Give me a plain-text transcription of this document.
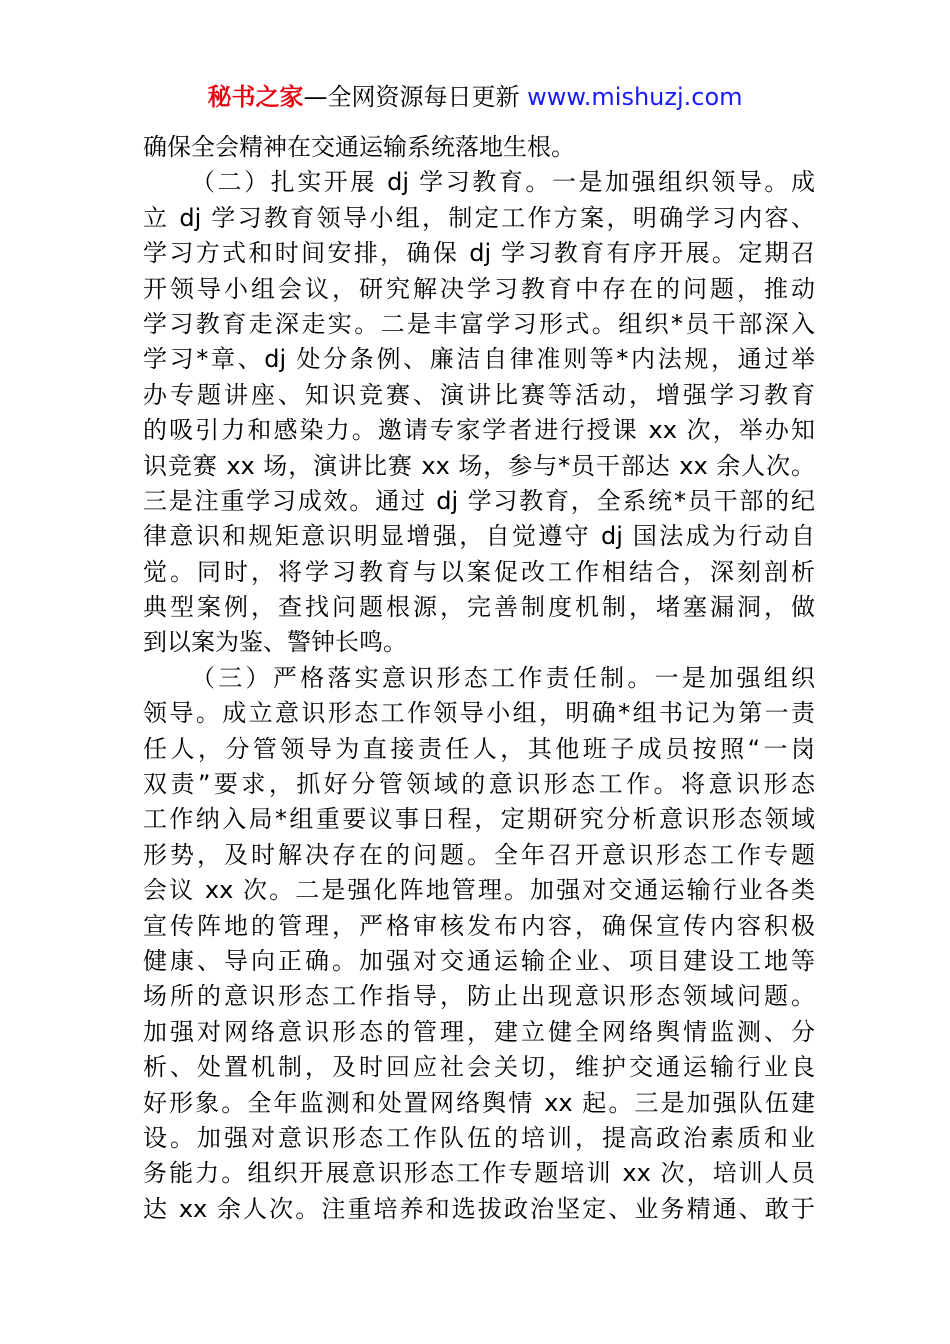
秘书之家—全网资源每日更新 www.mishuzj.com
确保全会精神在交通运输系统落地生根。
（二）扎实开展 dj 学习教育。一是加强组织领导。成
立 dj 学习教育领导小组，制定工作方案，明确学习内容、
学习方式和时间安排，确保 dj 学习教育有序开展。定期召
开领导小组会议，研究解决学习教育中存在的问题，推动
学习教育走深走实。二是丰富学习形式。组织*员干部深入
学习*章、dj 处分条例、廉洁自律准则等*内法规，通过举
办专题讲座、知识竞赛、演讲比赛等活动，增强学习教育
的吸引力和感染力。邀请专家学者进行授课 xx 次，举办知
识竞赛 xx 场，演讲比赛 xx 场，参与*员干部达 xx 余人次。
三是注重学习成效。通过 dj 学习教育，全系统*员干部的纪
律意识和规矩意识明显增强，自觉遵守 dj 国法成为行动自
觉。同时，将学习教育与以案促改工作相结合，深刻剖析
典型案例，查找问题根源，完善制度机制，堵塞漏洞，做
到以案为鉴、警钟长鸣。
（三）严格落实意识形态工作责任制。一是加强组织
领导。成立意识形态工作领导小组，明确*组书记为第一责
任人，分管领导为直接责任人，其他班子成员按照“一岗
双责”要求，抓好分管领域的意识形态工作。将意识形态
工作纳入局*组重要议事日程，定期研究分析意识形态领域
形势，及时解决存在的问题。全年召开意识形态工作专题
会议 xx 次。二是强化阵地管理。加强对交通运输行业各类
宣传阵地的管理，严格审核发布内容，确保宣传内容积极
健康、导向正确。加强对交通运输企业、项目建设工地等
场所的意识形态工作指导，防止出现意识形态领域问题。
加强对网络意识形态的管理，建立健全网络舆情监测、分
析、处置机制，及时回应社会关切，维护交通运输行业良
好形象。全年监测和处置网络舆情 xx 起。三是加强队伍建
设。加强对意识形态工作队伍的培训，提高政治素质和业
务能力。组织开展意识形态工作专题培训 xx 次，培训人员
达 xx 余人次。注重培养和选拔政治坚定、业务精通、敢于
